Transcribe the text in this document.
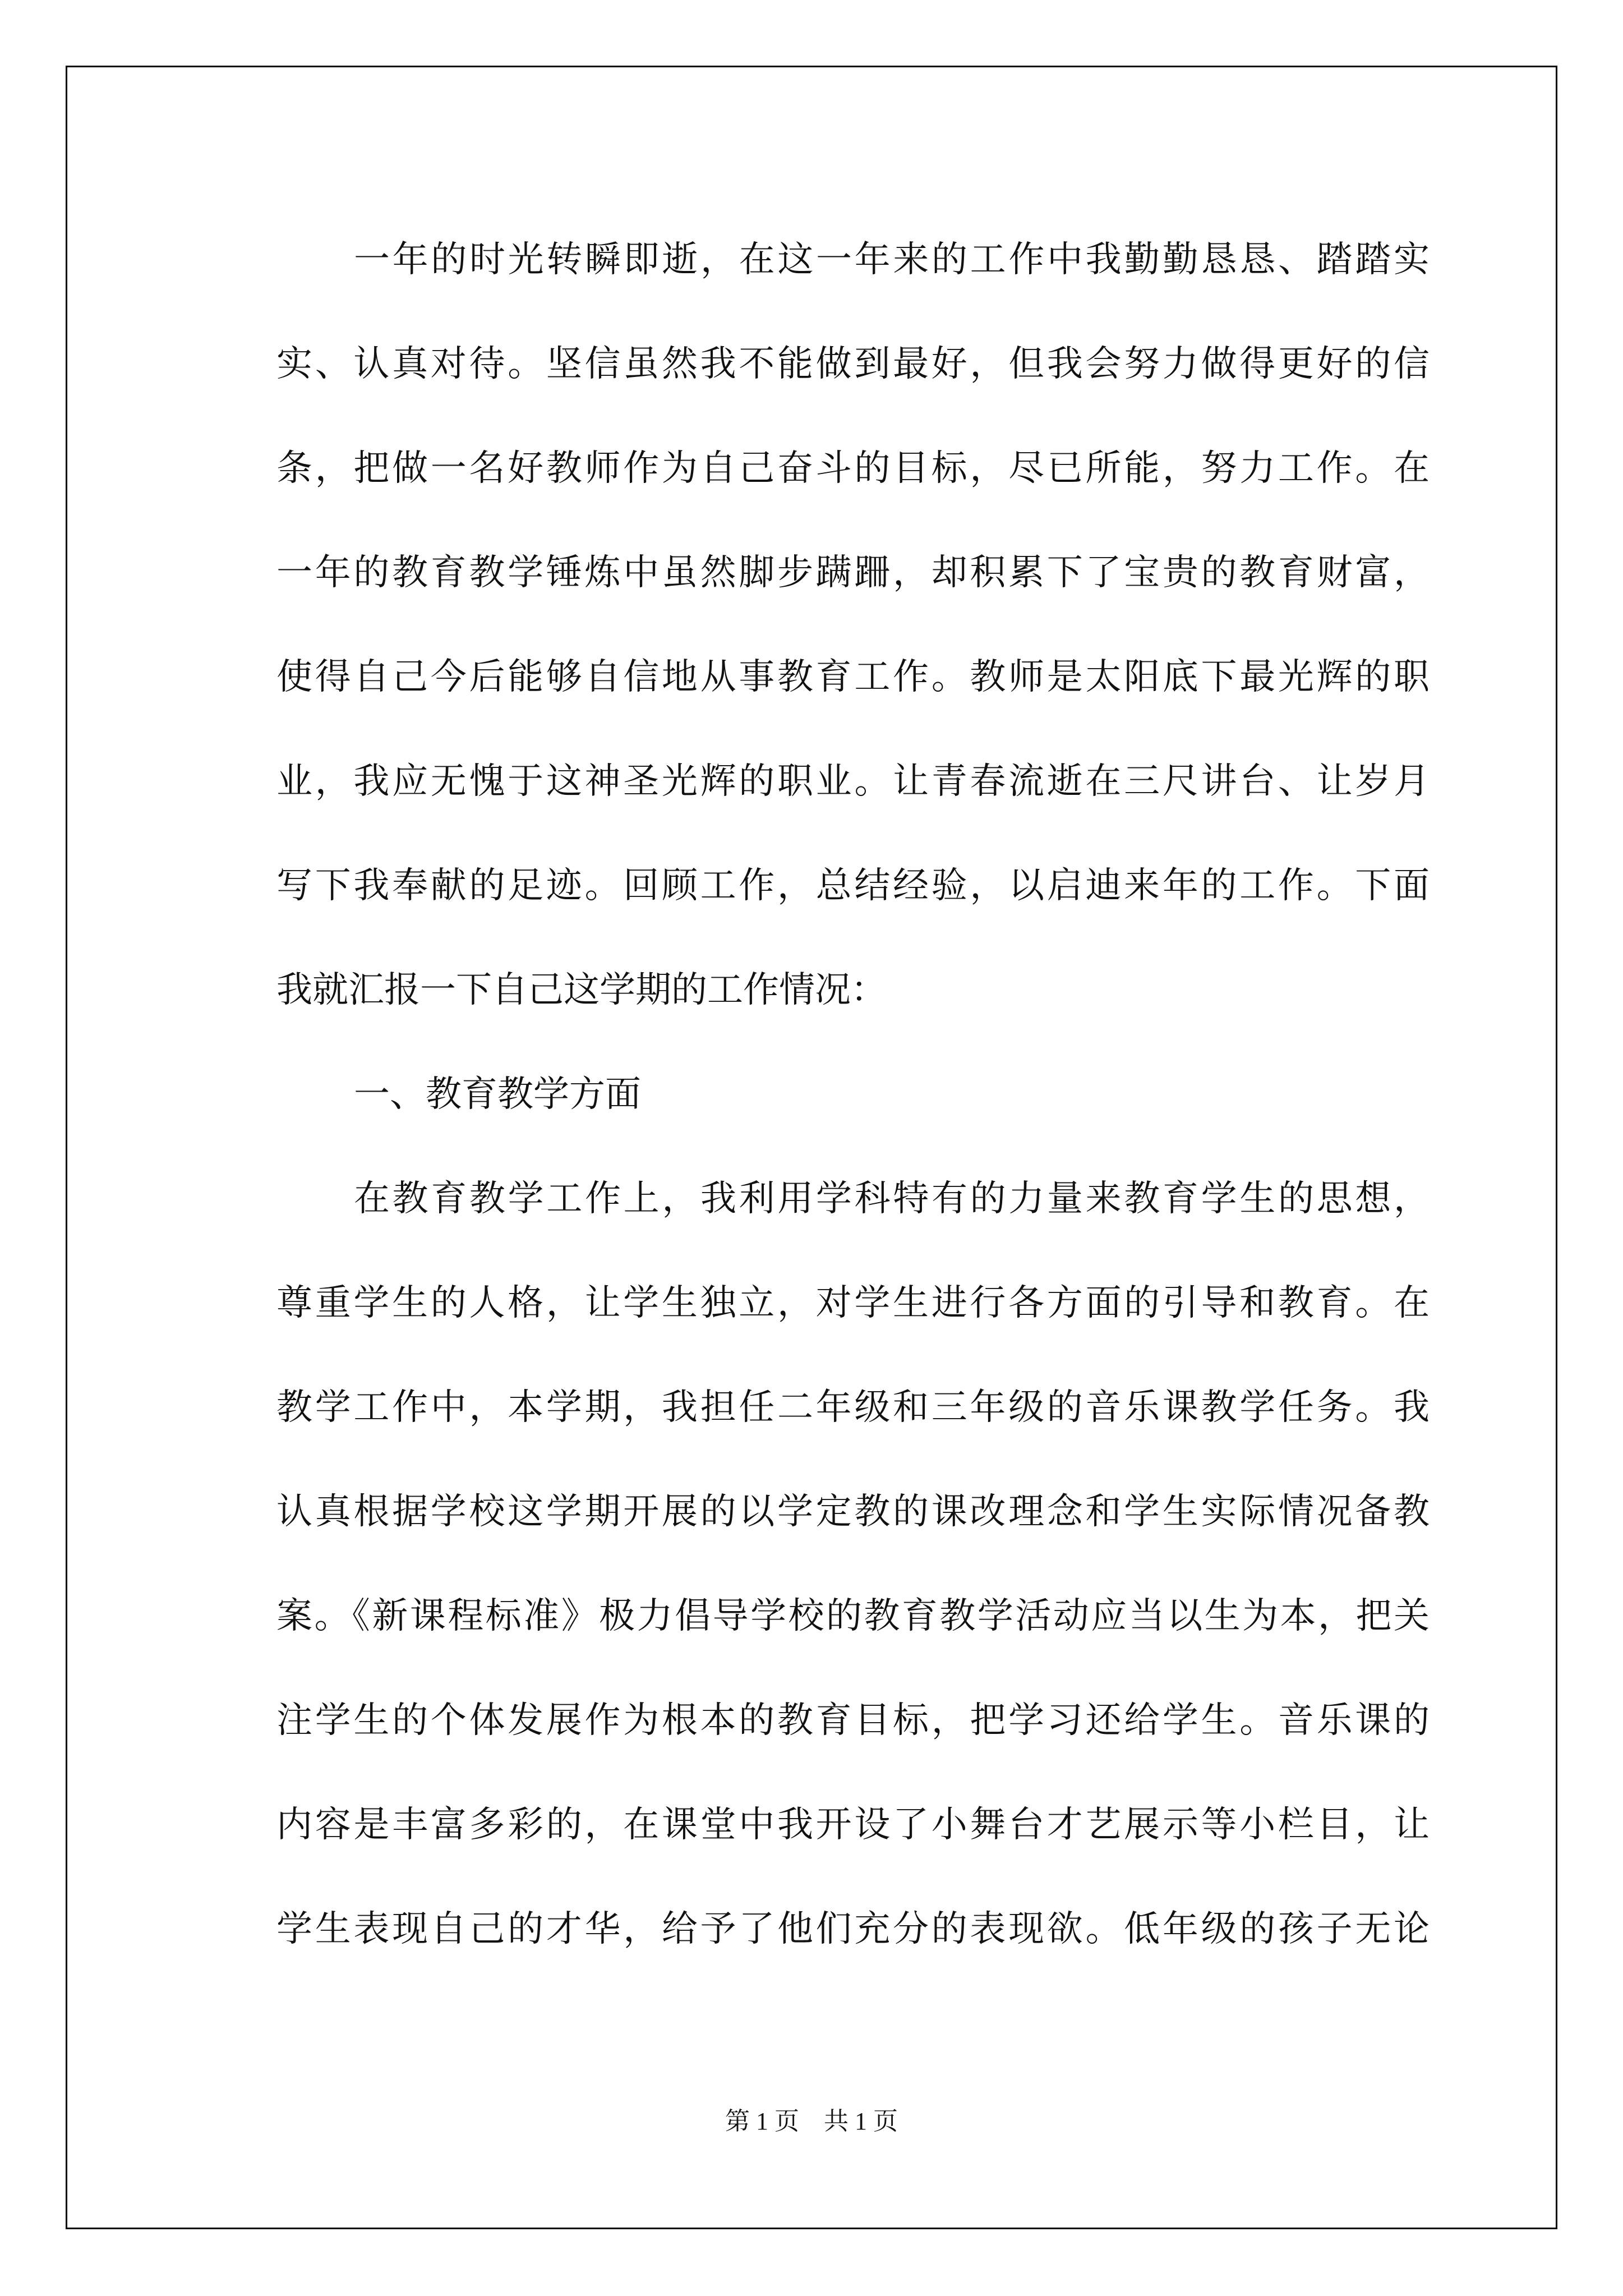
一年的时光转瞬即逝，在这一年来的工作中我勤勤恳恳、踏踏实
实、认真对待。坚信虽然我不能做到最好，但我会努力做得更好的信
条，把做一名好教师作为自己奋斗的目标，尽已所能，努力工作。在
一年的教育教学锤炼中虽然脚步蹒跚，却积累下了宝贵的教育财富，
使得自己今后能够自信地从事教育工作。教师是太阳底下最光辉的职
业，我应无愧于这神圣光辉的职业。让青春流逝在三尺讲台、让岁月
写下我奉献的足迹。回顾工作，总结经验，以启迪来年的工作。下面
我就汇报一下自己这学期的工作情况：
一、教育教学方面
在教育教学工作上，我利用学科特有的力量来教育学生的思想，
尊重学生的人格，让学生独立，对学生进行各方面的引导和教育。在
教学工作中，本学期，我担任二年级和三年级的音乐课教学任务。我
认真根据学校这学期开展的以学定教的课改理念和学生实际情况备教
案。《新课程标准》极力倡导学校的教育教学活动应当以生为本，把关
注学生的个体发展作为根本的教育目标，把学习还给学生。音乐课的
内容是丰富多彩的，在课堂中我开设了小舞台才艺展示等小栏目，让
学生表现自己的才华，给予了他们充分的表现欲。低年级的孩子无论
第 1 页    共 1 页
